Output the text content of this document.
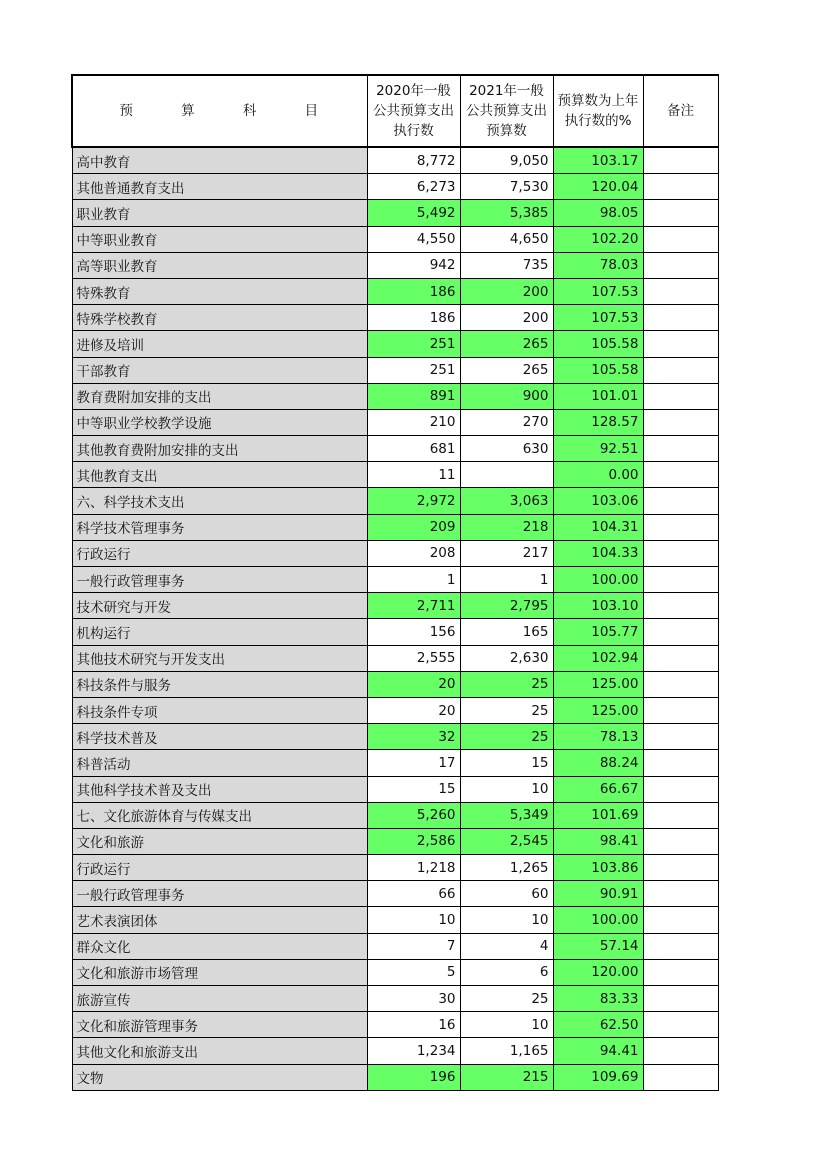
预 算 科 目	2020年一般公共预算支出执行数	2021年一般公共预算支出预算数	预算数为上年执行数的%	备注
高中教育	8,772	9,050	103.17	
其他普通教育支出	6,273	7,530	120.04	
职业教育	5,492	5,385	98.05	
中等职业教育	4,550	4,650	102.20	
高等职业教育	942	735	78.03	
特殊教育	186	200	107.53	
特殊学校教育	186	200	107.53	
进修及培训	251	265	105.58	
干部教育	251	265	105.58	
教育费附加安排的支出	891	900	101.01	
中等职业学校教学设施	210	270	128.57	
其他教育费附加安排的支出	681	630	92.51	
其他教育支出	11		0.00	
六、科学技术支出	2,972	3,063	103.06	
科学技术管理事务	209	218	104.31	
行政运行	208	217	104.33	
一般行政管理事务	1	1	100.00	
技术研究与开发	2,711	2,795	103.10	
机构运行	156	165	105.77	
其他技术研究与开发支出	2,555	2,630	102.94	
科技条件与服务	20	25	125.00	
科技条件专项	20	25	125.00	
科学技术普及	32	25	78.13	
科普活动	17	15	88.24	
其他科学技术普及支出	15	10	66.67	
七、文化旅游体育与传媒支出	5,260	5,349	101.69	
文化和旅游	2,586	2,545	98.41	
行政运行	1,218	1,265	103.86	
一般行政管理事务	66	60	90.91	
艺术表演团体	10	10	100.00	
群众文化	7	4	57.14	
文化和旅游市场管理	5	6	120.00	
旅游宣传	30	25	83.33	
文化和旅游管理事务	16	10	62.50	
其他文化和旅游支出	1,234	1,165	94.41	
文物	196	215	109.69	
